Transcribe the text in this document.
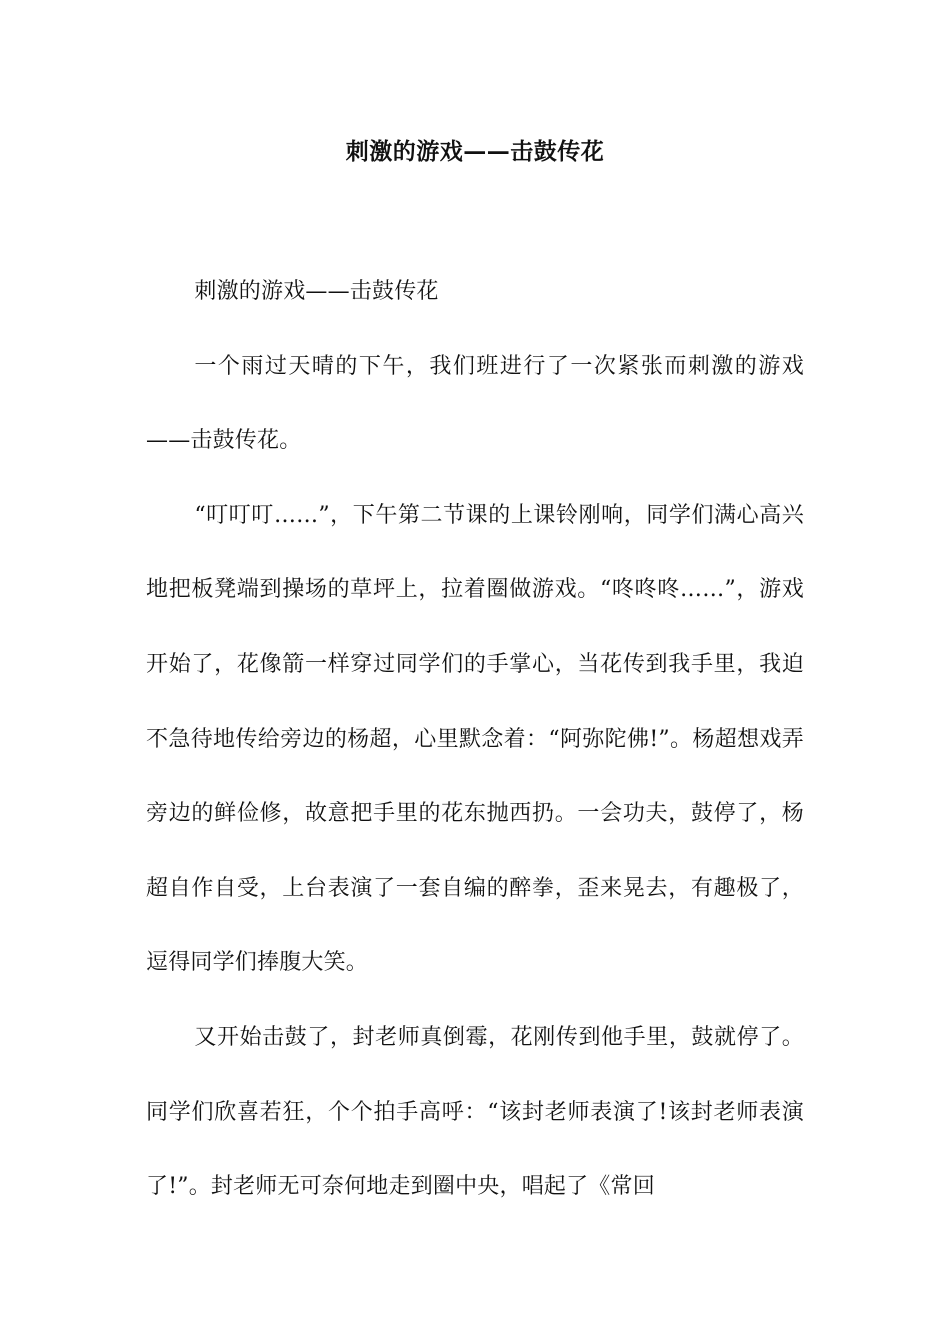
刺激的游戏——击鼓传花

刺激的游戏——击鼓传花

一个雨过天晴的下午，我们班进行了一次紧张而刺激的游戏——击鼓传花。

“叮叮叮……”，下午第二节课的上课铃刚响，同学们满心高兴地把板凳端到操场的草坪上，拉着圈做游戏。“咚咚咚……”，游戏开始了，花像箭一样穿过同学们的手掌心，当花传到我手里，我迫不急待地传给旁边的杨超，心里默念着：“阿弥陀佛!”。杨超想戏弄旁边的鲜俭修，故意把手里的花东抛西扔。一会功夫，鼓停了，杨超自作自受，上台表演了一套自编的醉拳，歪来晃去，有趣极了，逗得同学们捧腹大笑。

又开始击鼓了，封老师真倒霉，花刚传到他手里，鼓就停了。同学们欣喜若狂，个个拍手高呼：“该封老师表演了!该封老师表演了!”。封老师无可奈何地走到圈中央，唱起了《常回
